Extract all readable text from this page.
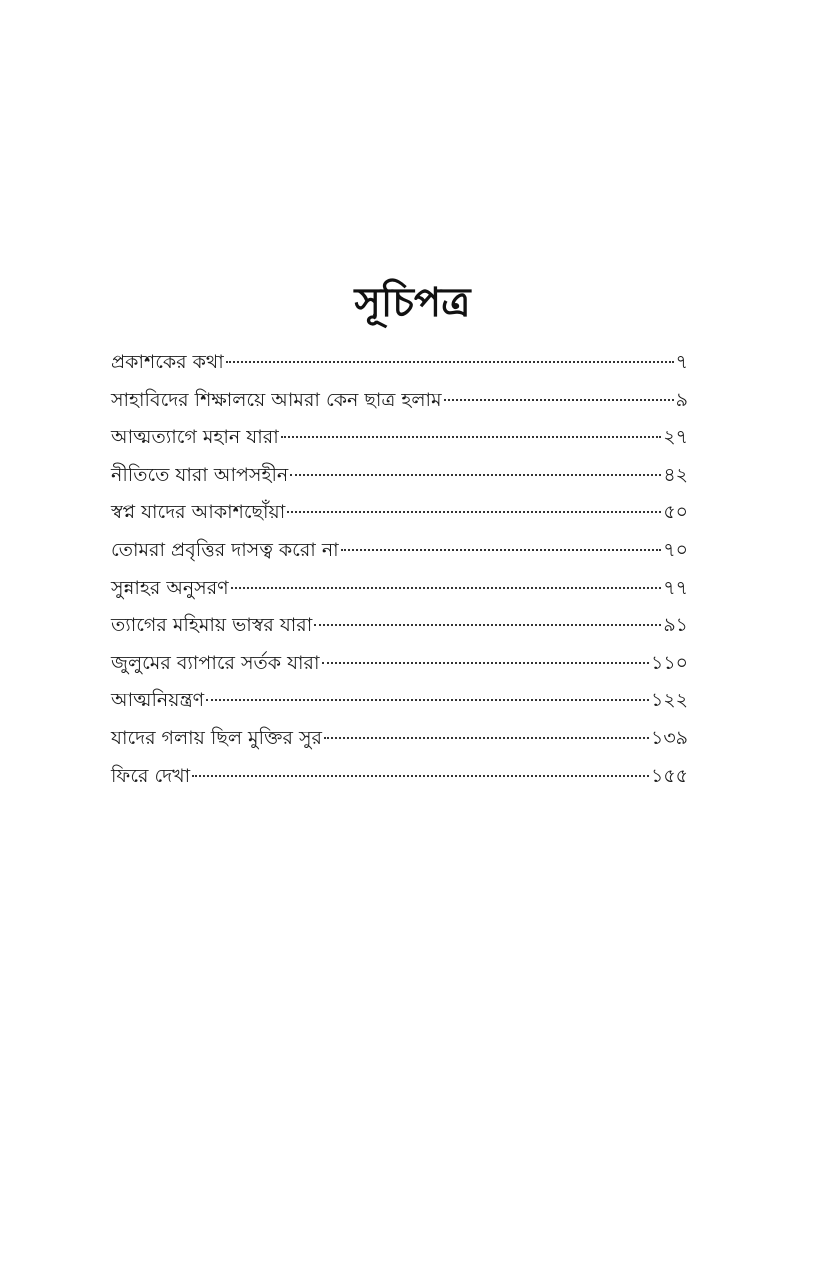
সূচিপত্র
প্রকাশকের কথা	৭
সাহাবিদের শিক্ষালয়ে আমরা কেন ছাত্র হলাম	৯
আত্মত্যাগে মহান যারা	২৭
নীতিতে যারা আপসহীন	৪২
স্বপ্ন যাদের আকাশছোঁয়া	৫০
তোমরা প্রবৃত্তির দাসত্ব করো না	৭০
সুন্নাহর অনুসরণ	৭৭
ত্যাগের মহিমায় ভাস্বর যারা	৯১
জুলুমের ব্যাপারে সর্তক যারা	১১০
আত্মনিয়ন্ত্রণ	১২২
যাদের গলায় ছিল মুক্তির সুর	১৩৯
ফিরে দেখা	১৫৫
